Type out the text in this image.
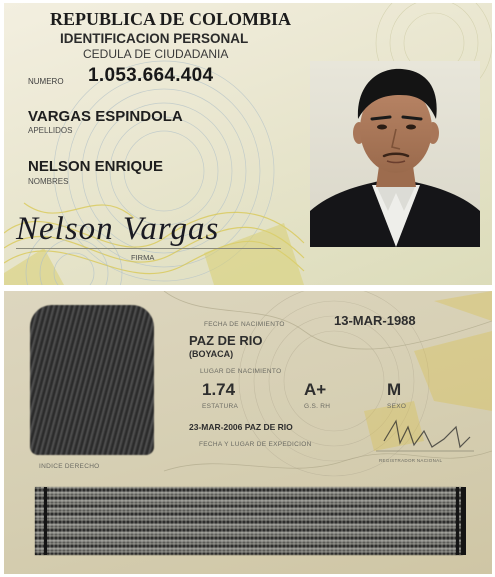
REPUBLICA DE COLOMBIA
IDENTIFICACION PERSONAL
CEDULA DE CIUDADANIA
NUMERO 1.053.664.404
VARGAS ESPINDOLA
APELLIDOS
NELSON ENRIQUE
NOMBRES
Nelson Vargas
FIRMA
INDICE DERECHO
FECHA DE NACIMIENTO	13-MAR-1988
PAZ DE RIO
(BOYACA)
LUGAR DE NACIMIENTO
1.74	A+	M
ESTATURA	G.S. RH	SEXO
23-MAR-2006 PAZ DE RIO
FECHA Y LUGAR DE EXPEDICION
REGISTRADOR NACIONAL
